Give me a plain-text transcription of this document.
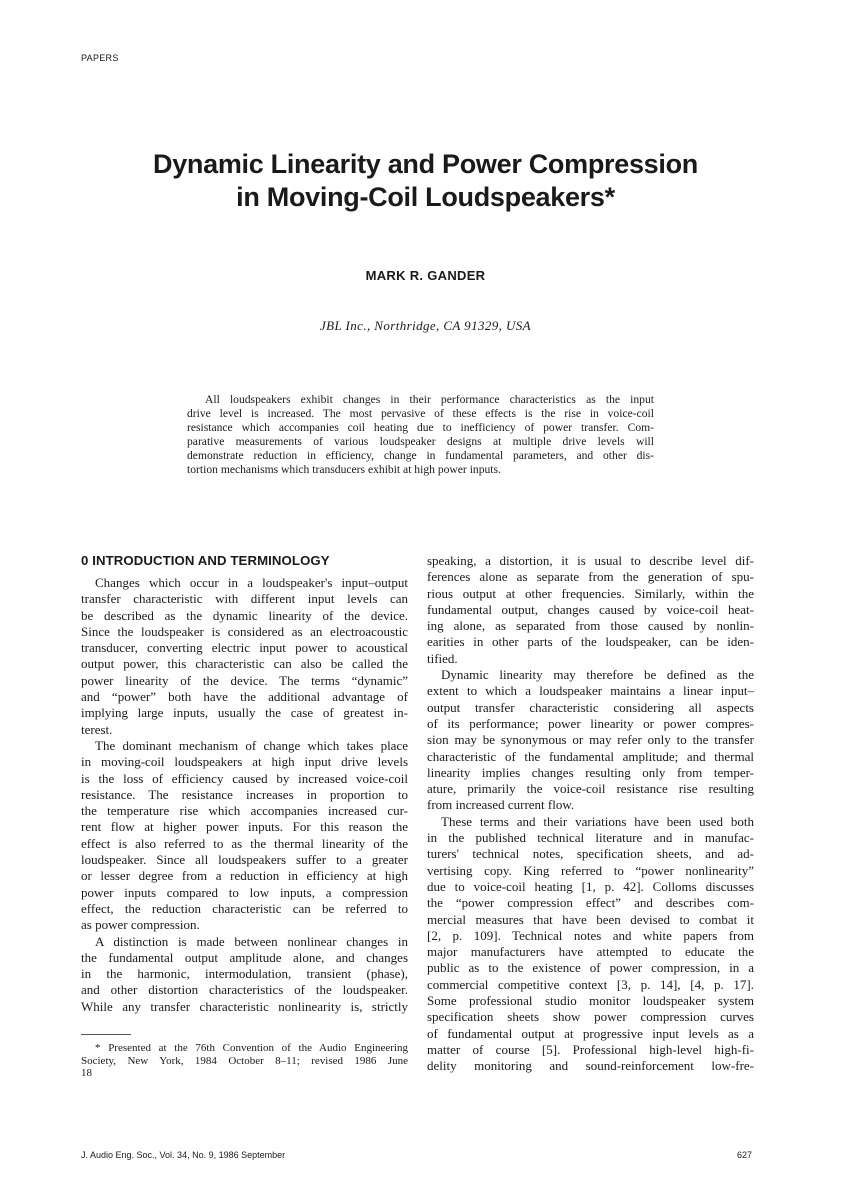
PAPERS
Dynamic Linearity and Power Compression
in Moving-Coil Loudspeakers*
MARK R. GANDER
JBL Inc., Northridge, CA 91329, USA
All loudspeakers exhibit changes in their performance characteristics as the input
drive level is increased. The most pervasive of these effects is the rise in voice-coil
resistance which accompanies coil heating due to inefficiency of power transfer. Com-
parative measurements of various loudspeaker designs at multiple drive levels will
demonstrate reduction in efficiency, change in fundamental parameters, and other dis-
tortion mechanisms which transducers exhibit at high power inputs.
0 INTRODUCTION AND TERMINOLOGY
Changes which occur in a loudspeaker's input–output
transfer characteristic with different input levels can
be described as the dynamic linearity of the device.
Since the loudspeaker is considered as an electroacoustic
transducer, converting electric input power to acoustical
output power, this characteristic can also be called the
power linearity of the device. The terms “dynamic”
and “power” both have the additional advantage of
implying large inputs, usually the case of greatest in-
terest.
The dominant mechanism of change which takes place
in moving-coil loudspeakers at high input drive levels
is the loss of efficiency caused by increased voice-coil
resistance. The resistance increases in proportion to
the temperature rise which accompanies increased cur-
rent flow at higher power inputs. For this reason the
effect is also referred to as the thermal linearity of the
loudspeaker. Since all loudspeakers suffer to a greater
or lesser degree from a reduction in efficiency at high
power inputs compared to low inputs, a compression
effect, the reduction characteristic can be referred to
as power compression.
A distinction is made between nonlinear changes in
the fundamental output amplitude alone, and changes
in the harmonic, intermodulation, transient (phase),
and other distortion characteristics of the loudspeaker.
While any transfer characteristic nonlinearity is, strictly
speaking, a distortion, it is usual to describe level dif-
ferences alone as separate from the generation of spu-
rious output at other frequencies. Similarly, within the
fundamental output, changes caused by voice-coil heat-
ing alone, as separated from those caused by nonlin-
earities in other parts of the loudspeaker, can be iden-
tified.
Dynamic linearity may therefore be defined as the
extent to which a loudspeaker maintains a linear input–
output transfer characteristic considering all aspects
of its performance; power linearity or power compres-
sion may be synonymous or may refer only to the transfer
characteristic of the fundamental amplitude; and thermal
linearity implies changes resulting only from temper-
ature, primarily the voice-coil resistance rise resulting
from increased current flow.
These terms and their variations have been used both
in the published technical literature and in manufac-
turers' technical notes, specification sheets, and ad-
vertising copy. King referred to “power nonlinearity”
due to voice-coil heating [1, p. 42]. Colloms discusses
the “power compression effect” and describes com-
mercial measures that have been devised to combat it
[2, p. 109]. Technical notes and white papers from
major manufacturers have attempted to educate the
public as to the existence of power compression, in a
commercial competitive context [3, p. 14], [4, p. 17].
Some professional studio monitor loudspeaker system
specification sheets show power compression curves
of fundamental output at progressive input levels as a
matter of course [5]. Professional high-level high-fi-
delity monitoring and sound-reinforcement low-fre-
* Presented at the 76th Convention of the Audio Engineering
Society, New York, 1984 October 8–11; revised 1986 June
18
J. Audio Eng. Soc., Vol. 34, No. 9, 1986 September	627
